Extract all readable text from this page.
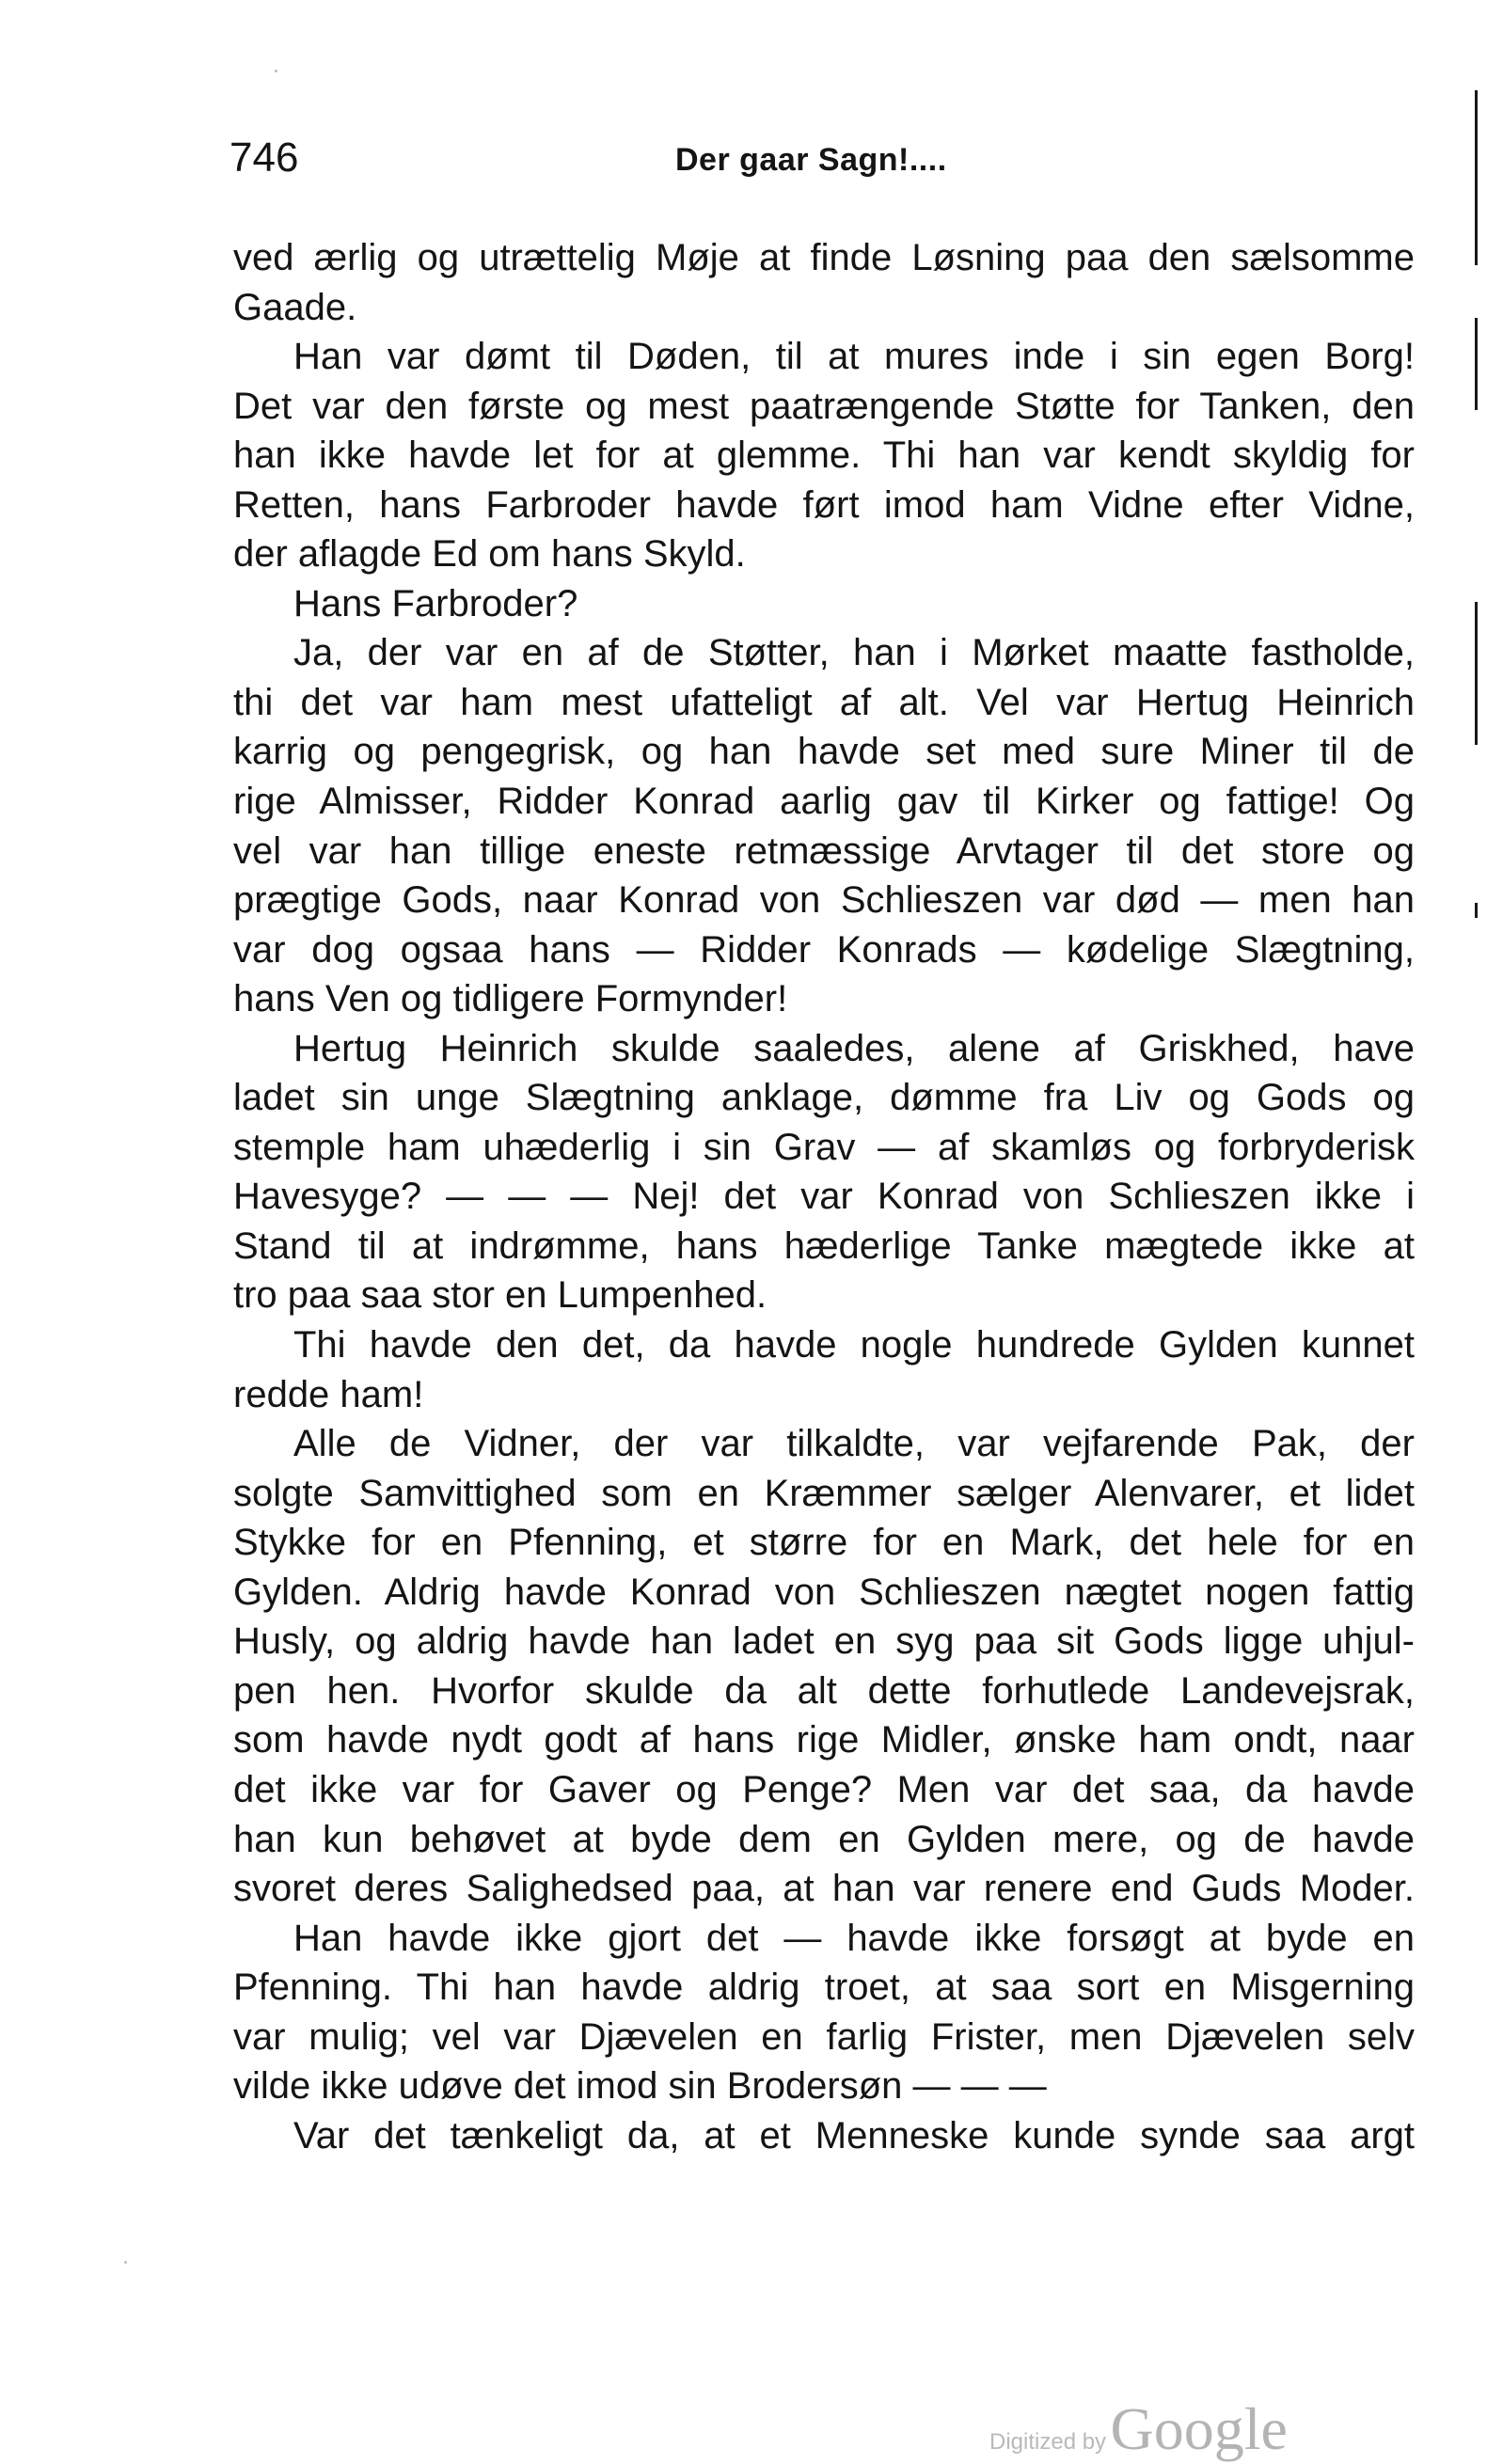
746	Der gaar Sagn!....
ved ærlig og utrættelig Møje at finde Løsning paa den sælsomme
Gaade.
Han var dømt til Døden, til at mures inde i sin egen Borg!
Det var den første og mest paatrængende Støtte for Tanken, den
han ikke havde let for at glemme. Thi han var kendt skyldig for
Retten, hans Farbroder havde ført imod ham Vidne efter Vidne,
der aflagde Ed om hans Skyld.
Hans Farbroder?
Ja, der var en af de Støtter, han i Mørket maatte fastholde,
thi det var ham mest ufatteligt af alt. Vel var Hertug Heinrich
karrig og pengegrisk, og han havde set med sure Miner til de
rige Almisser, Ridder Konrad aarlig gav til Kirker og fattige! Og
vel var han tillige eneste retmæssige Arvtager til det store og
prægtige Gods, naar Konrad von Schlieszen var død — men han
var dog ogsaa hans — Ridder Konrads — kødelige Slægtning,
hans Ven og tidligere Formynder!
Hertug Heinrich skulde saaledes, alene af Griskhed, have
ladet sin unge Slægtning anklage, dømme fra Liv og Gods og
stemple ham uhæderlig i sin Grav — af skamløs og forbryderisk
Havesyge? — — — Nej! det var Konrad von Schlieszen ikke i
Stand til at indrømme, hans hæderlige Tanke mægtede ikke at
tro paa saa stor en Lumpenhed.
Thi havde den det, da havde nogle hundrede Gylden kunnet
redde ham!
Alle de Vidner, der var tilkaldte, var vejfarende Pak, der
solgte Samvittighed som en Kræmmer sælger Alenvarer, et lidet
Stykke for en Pfenning, et større for en Mark, det hele for en
Gylden. Aldrig havde Konrad von Schlieszen nægtet nogen fattig
Husly, og aldrig havde han ladet en syg paa sit Gods ligge uhjul-
pen hen. Hvorfor skulde da alt dette forhutlede Landevejsrak,
som havde nydt godt af hans rige Midler, ønske ham ondt, naar
det ikke var for Gaver og Penge? Men var det saa, da havde
han kun behøvet at byde dem en Gylden mere, og de havde
svoret deres Salighedsed paa, at han var renere end Guds Moder.
Han havde ikke gjort det — havde ikke forsøgt at byde en
Pfenning. Thi han havde aldrig troet, at saa sort en Misgerning
var mulig; vel var Djævelen en farlig Frister, men Djævelen selv
vilde ikke udøve det imod sin Brodersøn — — —
Var det tænkeligt da, at et Menneske kunde synde saa argt
Digitized by Google
